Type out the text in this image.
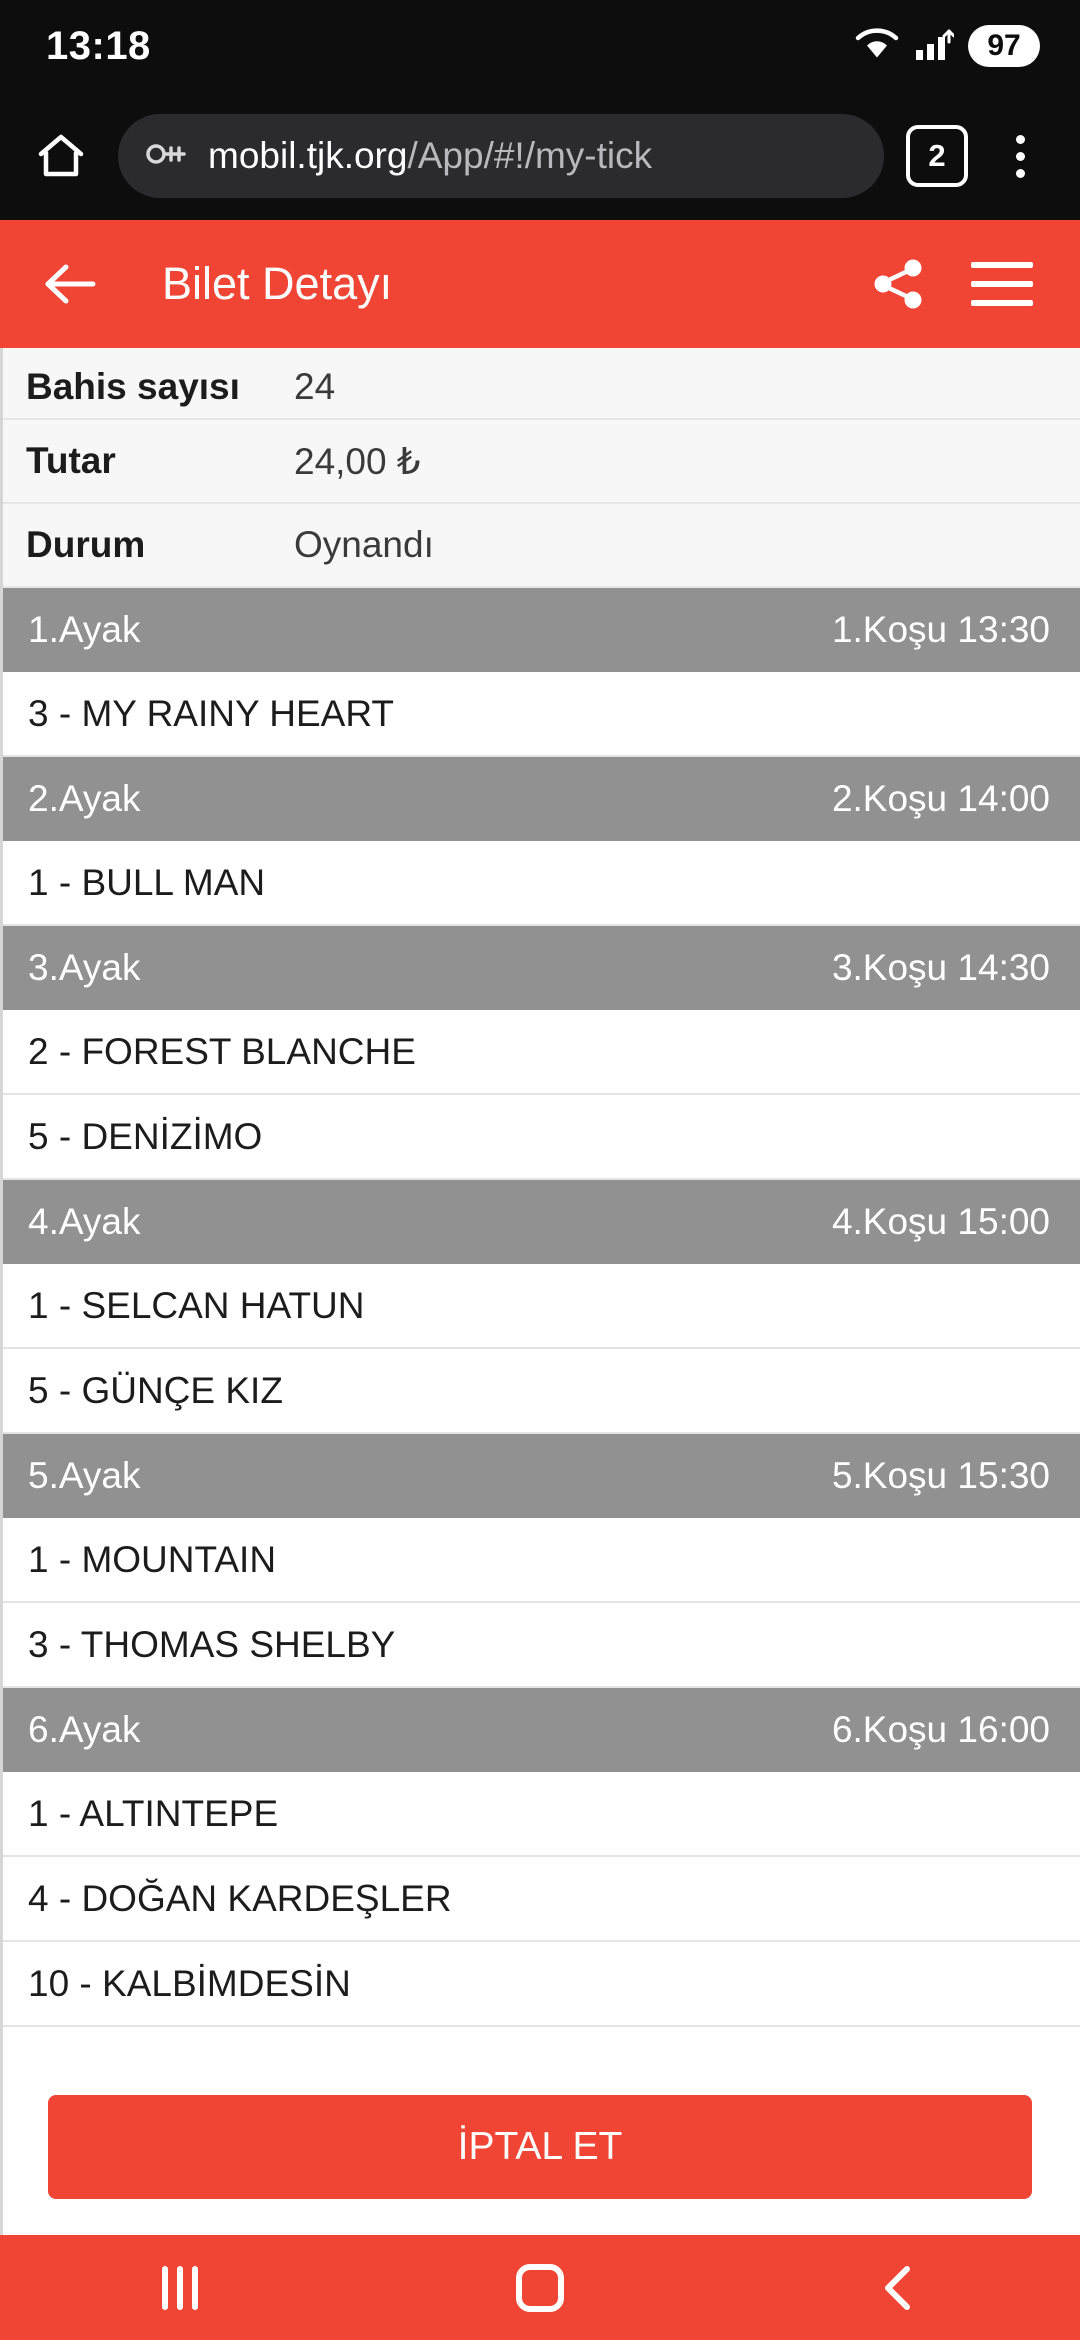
13:18	97
mobil.tjk.org/App/#!/my-tick	2
Bilet Detayı
Bahis sayısı	24
Tutar	24,00 ₺
Durum	Oynandı
1.Ayak	1.Koşu 13:30
3 - MY RAINY HEART
2.Ayak	2.Koşu 14:00
1 - BULL MAN
3.Ayak	3.Koşu 14:30
2 - FOREST BLANCHE
5 - DENİZİMO
4.Ayak	4.Koşu 15:00
1 - SELCAN HATUN
5 - GÜNÇE KIZ
5.Ayak	5.Koşu 15:30
1 - MOUNTAIN
3 - THOMAS SHELBY
6.Ayak	6.Koşu 16:00
1 - ALTINTEPE
4 - DOĞAN KARDEŞLER
10 - KALBİMDESİN
İPTAL ET
